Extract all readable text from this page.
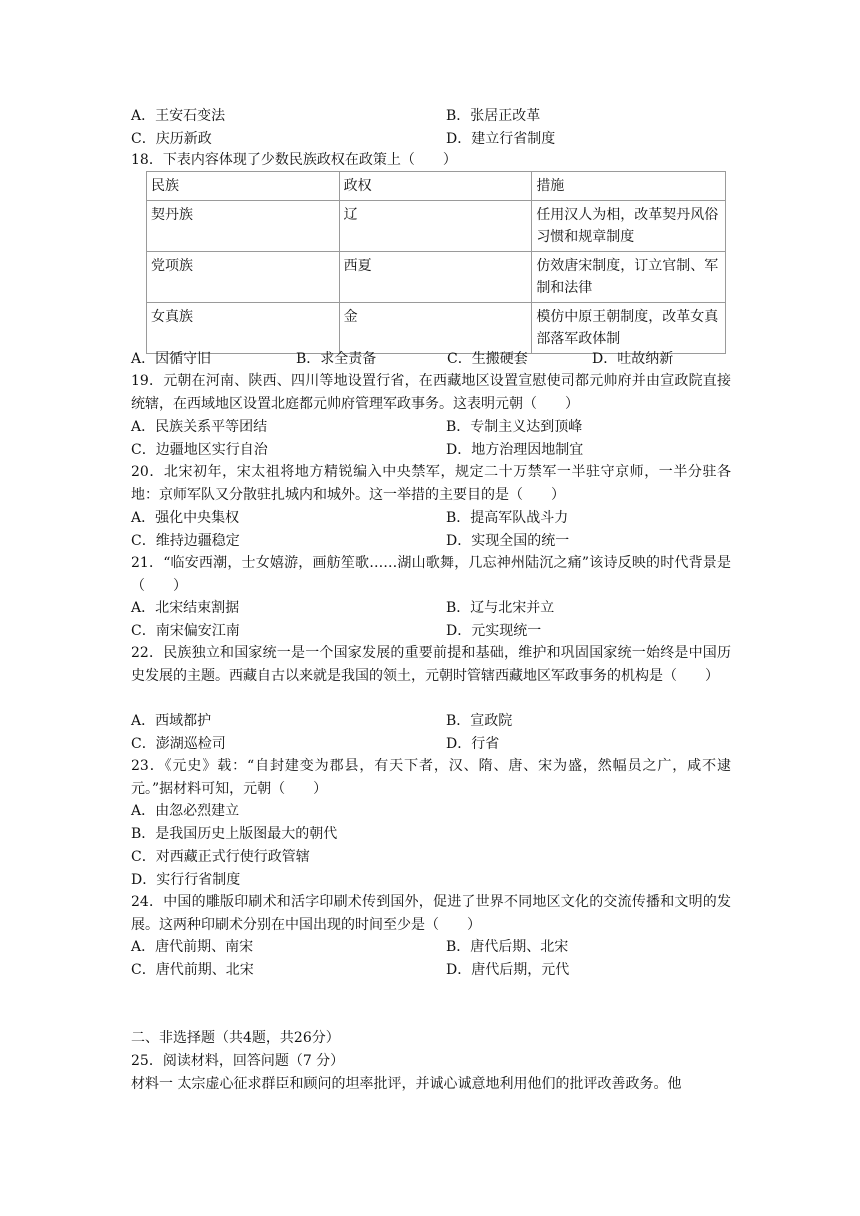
A．王安石变法	B．张居正改革
C．庆历新政	D．建立行省制度
18．下表内容体现了少数民族政权在政策上（　　）
民族	政权	措施
契丹族	辽	任用汉人为相，改革契丹风俗习惯和规章制度
党项族	西夏	仿效唐宋制度，订立官制、军制和法律
女真族	金	模仿中原王朝制度，改革女真部落军政体制
A．因循守旧	B．求全责备	C．生搬硬套	D．吐故纳新
19．元朝在河南、陕西、四川等地设置行省，在西藏地区设置宣慰使司都元帅府并由宣政院直接统辖，在西域地区设置北庭都元帅府管理军政事务。这表明元朝（　　）
A．民族关系平等团结	B．专制主义达到顶峰
C．边疆地区实行自治	D．地方治理因地制宜
20．北宋初年，宋太祖将地方精锐编入中央禁军，规定二十万禁军一半驻守京师，一半分驻各地：京师军队又分散驻扎城内和城外。这一举措的主要目的是（　　）
A．强化中央集权	B．提高军队战斗力
C．维持边疆稳定	D．实现全国的统一
21．“临安西潮，士女嬉游，画舫笙歌……湖山歌舞，几忘神州陆沉之痛”该诗反映的时代背景是（　　）
A．北宋结束割据	B．辽与北宋并立
C．南宋偏安江南	D．元实现统一
22．民族独立和国家统一是一个国家发展的重要前提和基础，维护和巩固国家统一始终是中国历史发展的主题。西藏自古以来就是我国的领土，元朝时管辖西藏地区军政事务的机构是（　　）
A．西域都护	B．宣政院
C．澎湖巡检司	D．行省
23．《元史》载：“自封建变为郡县，有天下者，汉、隋、唐、宋为盛，然幅员之广，咸不逮元。”据材料可知，元朝（　　）
A．由忽必烈建立
B．是我国历史上版图最大的朝代
C．对西藏正式行使行政管辖
D．实行行省制度
24．中国的雕版印刷术和活字印刷术传到国外，促进了世界不同地区文化的交流传播和文明的发展。这两种印刷术分别在中国出现的时间至少是（　　）
A．唐代前期、南宋	B．唐代后期、北宋
C．唐代前期、北宋	D．唐代后期，元代
二、非选择题（共4题，共26分）
25．阅读材料，回答问题（7 分）
材料一 太宗虚心征求群臣和顾问的坦率批评，并诚心诚意地利用他们的批评改善政务。他
